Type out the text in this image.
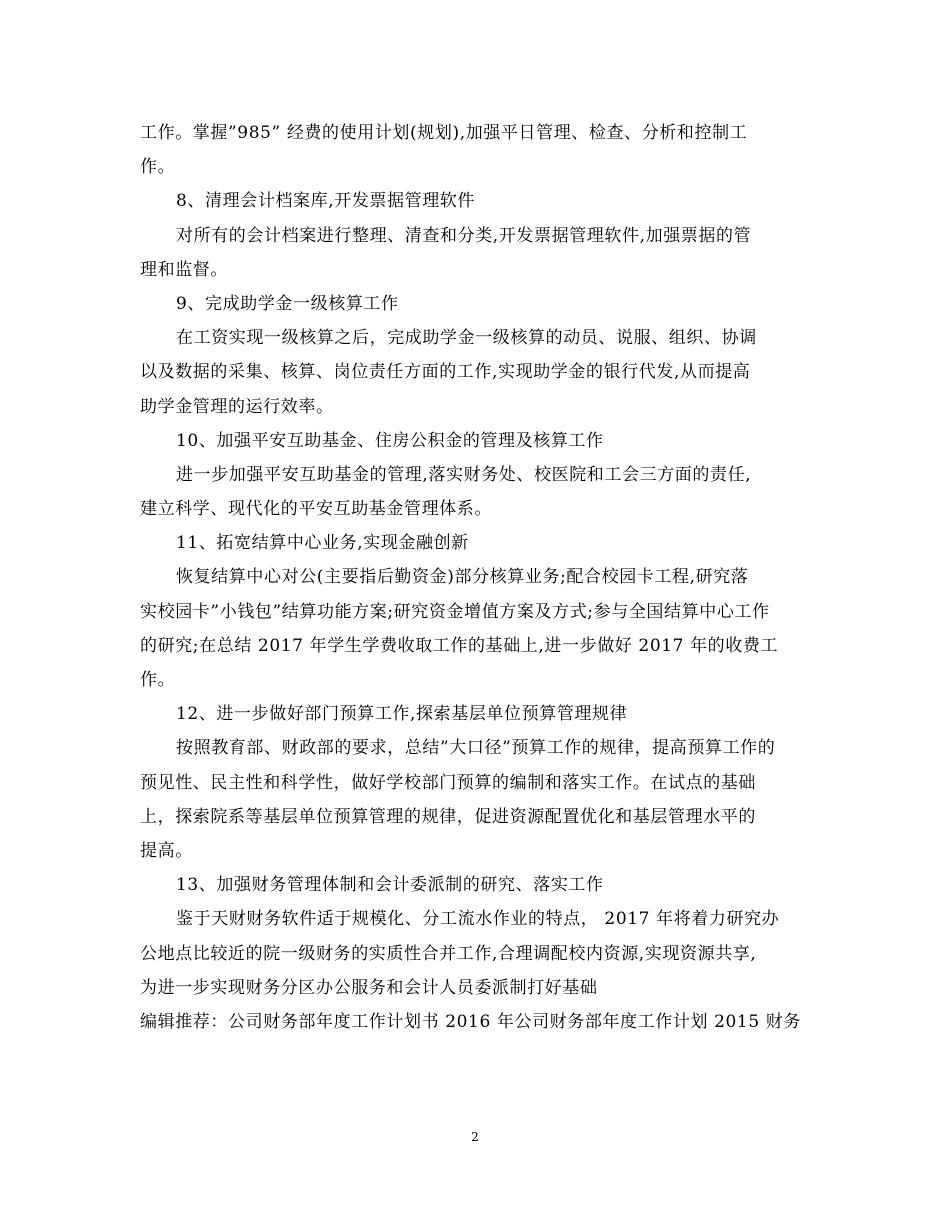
工作。掌握”985” 经费的使用计划(规划),加强平日管理、检查、分析和控制工
作。
8、清理会计档案库,开发票据管理软件
对所有的会计档案进行整理、清查和分类,开发票据管理软件,加强票据的管
理和监督。
9、完成助学金一级核算工作
在工资实现一级核算之后，完成助学金一级核算的动员、说服、组织、协调
以及数据的采集、核算、岗位责任方面的工作,实现助学金的银行代发,从而提高
助学金管理的运行效率。
10、加强平安互助基金、住房公积金的管理及核算工作
进一步加强平安互助基金的管理,落实财务处、校医院和工会三方面的责任,
建立科学、现代化的平安互助基金管理体系。
11、拓宽结算中心业务,实现金融创新
恢复结算中心对公(主要指后勤资金)部分核算业务;配合校园卡工程,研究落
实校园卡”小钱包”结算功能方案;研究资金增值方案及方式;参与全国结算中心工作
的研究;在总结 2017 年学生学费收取工作的基础上,进一步做好 2017 年的收费工
作。
12、进一步做好部门预算工作,探索基层单位预算管理规律
按照教育部、财政部的要求，总结”大口径”预算工作的规律，提高预算工作的
预见性、民主性和科学性，做好学校部门预算的编制和落实工作。在试点的基础
上，探索院系等基层单位预算管理的规律，促进资源配置优化和基层管理水平的
提高。
13、加强财务管理体制和会计委派制的研究、落实工作
鉴于天财财务软件适于规模化、分工流水作业的特点， 2017 年将着力研究办
公地点比较近的院一级财务的实质性合并工作,合理调配校内资源,实现资源共享,
为进一步实现财务分区办公服务和会计人员委派制打好基础
编辑推荐：公司财务部年度工作计划书 2016 年公司财务部年度工作计划 2015 财务
2
